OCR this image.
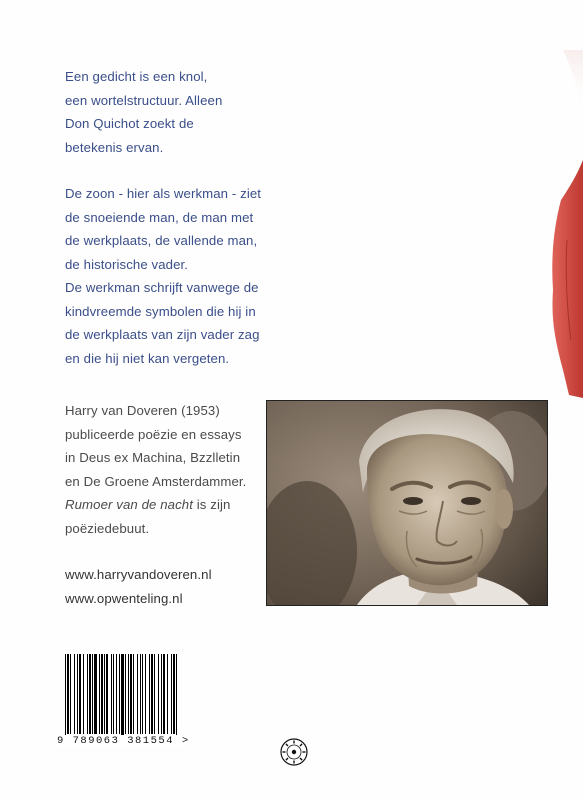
Een gedicht is een knol,
een wortelstructuur. Alleen
Don Quichot zoekt de
betekenis ervan.
De zoon - hier als werkman - ziet
de snoeiende man, de man met
de werkplaats, de vallende man,
de historische vader.
De werkman schrijft vanwege de
kindvreemde symbolen die hij in
de werkplaats van zijn vader zag
en die hij niet kan vergeten.
Harry van Doveren (1953)
publiceerde poëzie en essays
in Deus ex Machina, Bzzlletin
en De Groene Amsterdammer.
Rumoer van de nacht is zijn
poëziedebuut.
www.harryvandoveren.nl
www.opwenteling.nl
9 789063 381554 >
